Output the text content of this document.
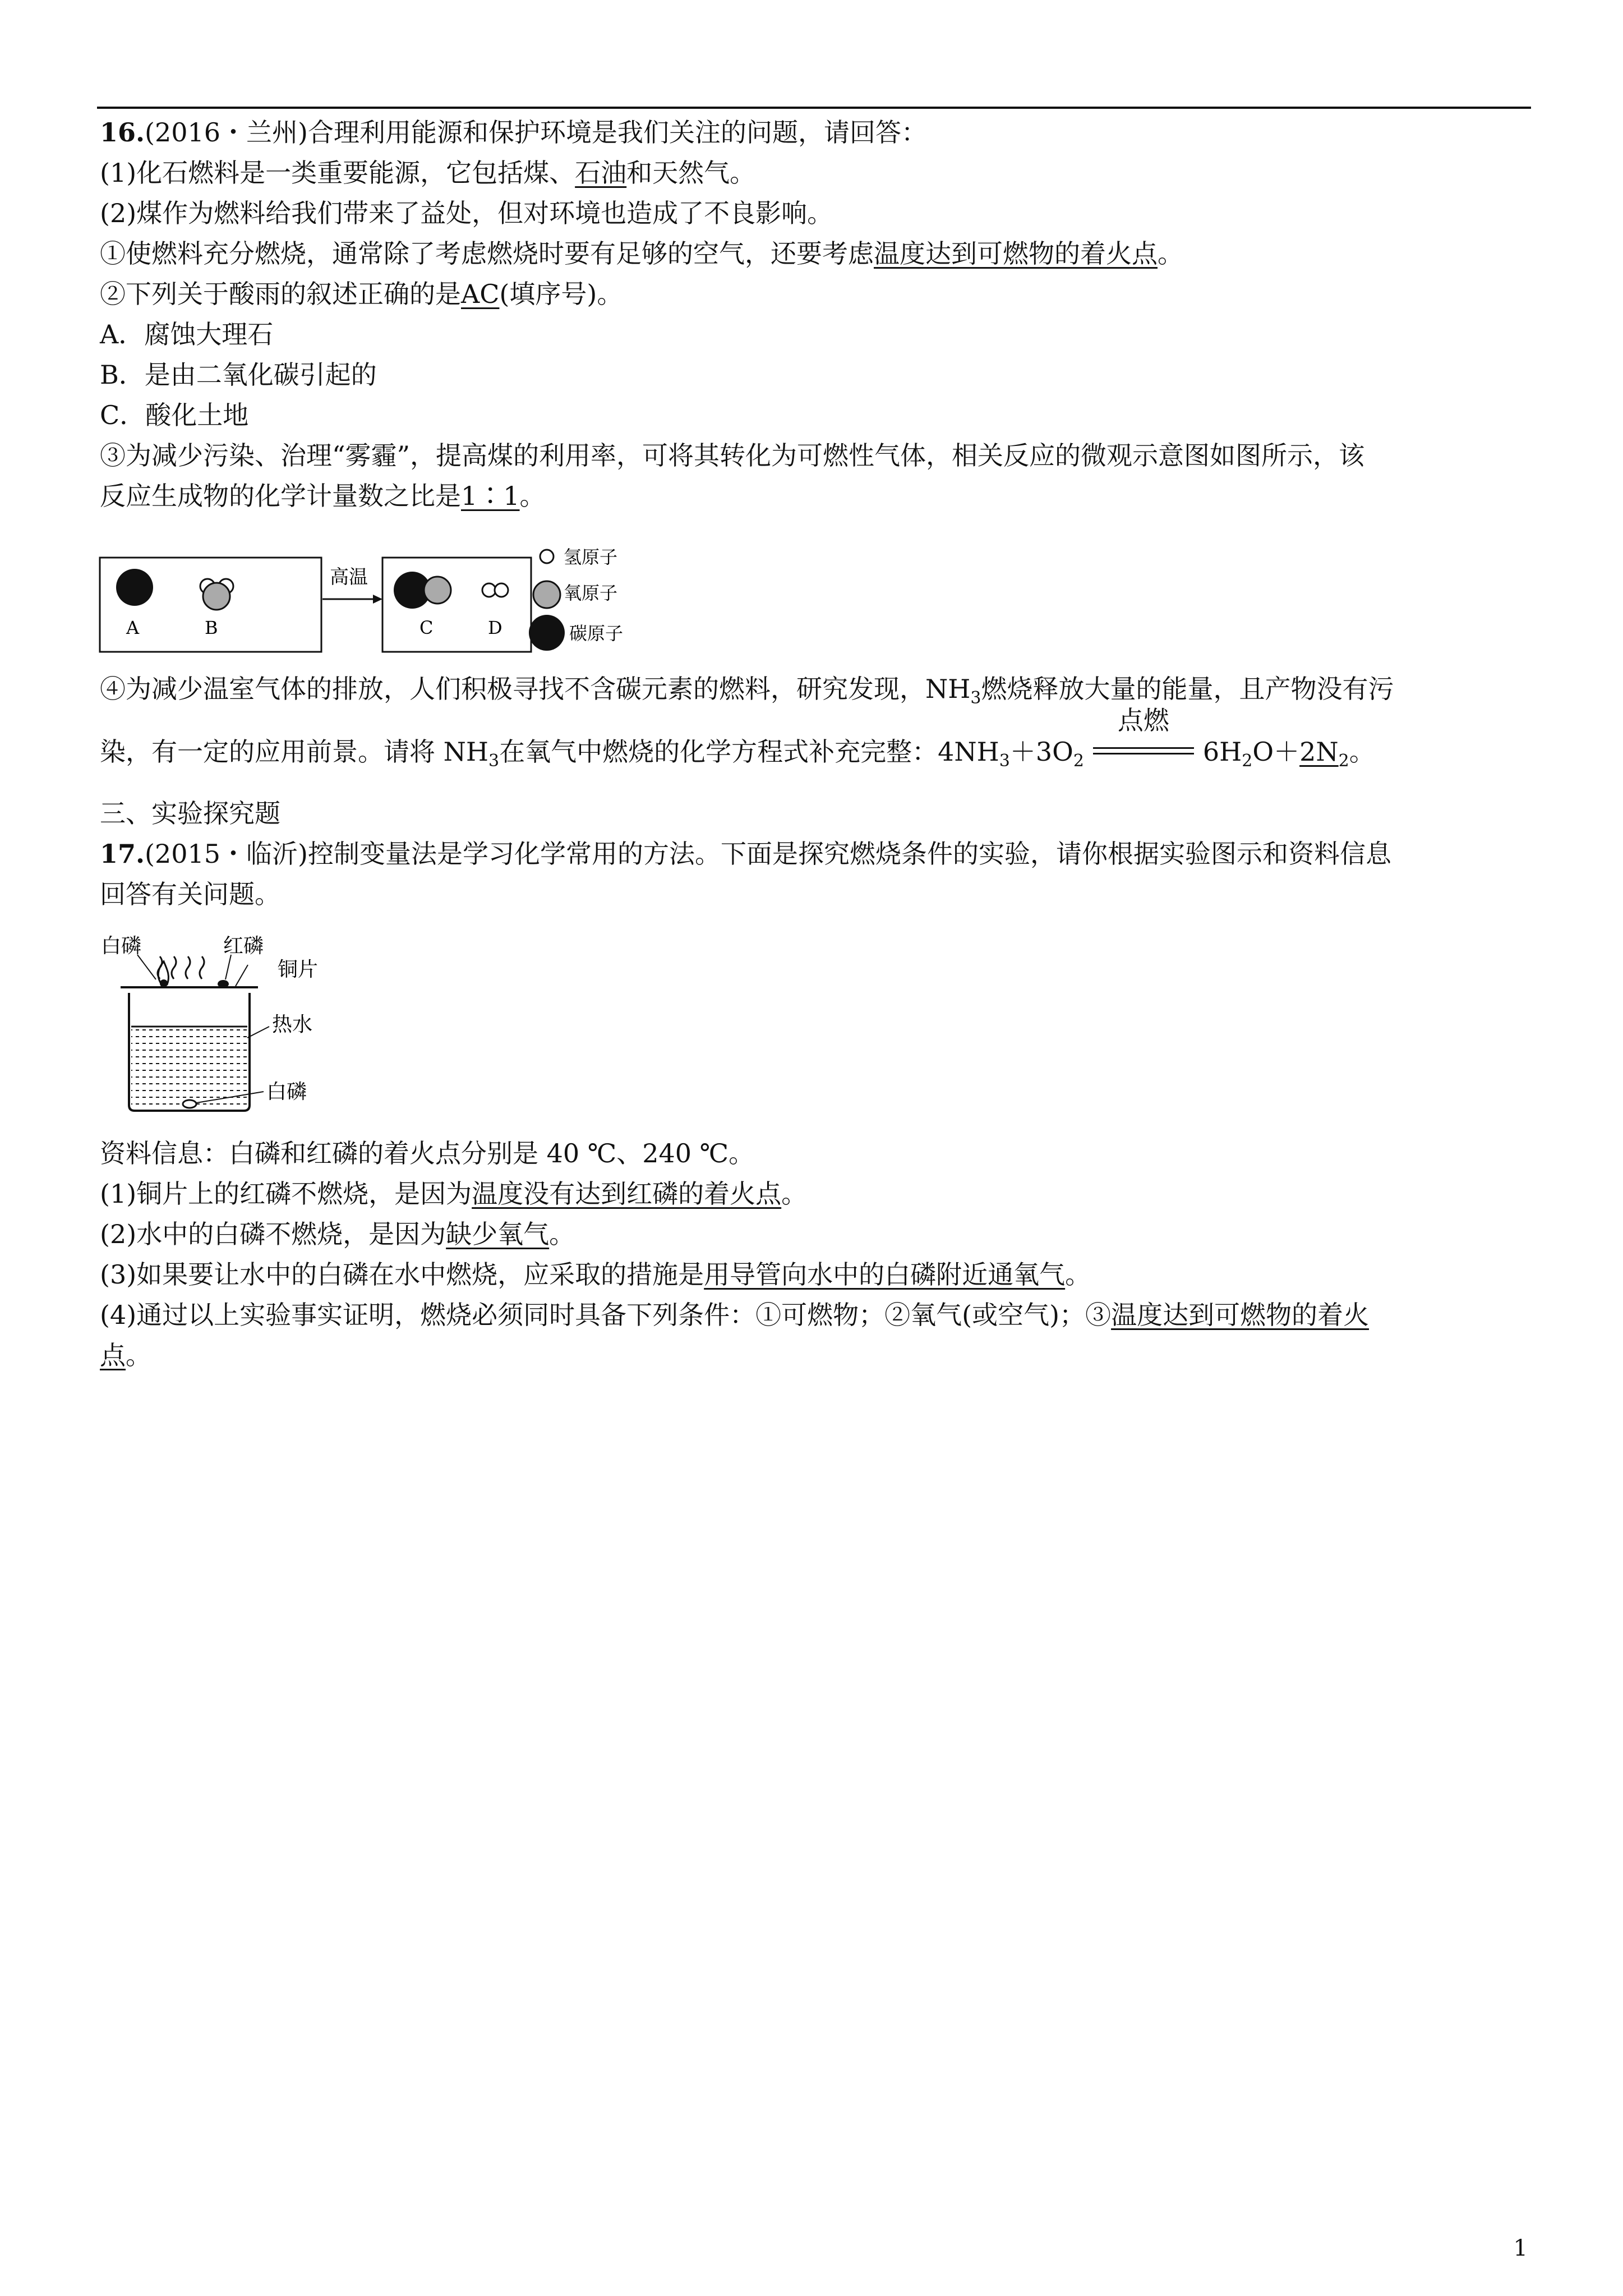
16.(2016・兰州)合理利用能源和保护环境是我们关注的问题，请回答：
(1)化石燃料是一类重要能源，它包括煤、石油和天然气。
(2)煤作为燃料给我们带来了益处，但对环境也造成了不良影响。
①使燃料充分燃烧，通常除了考虑燃烧时要有足够的空气，还要考虑温度达到可燃物的着火点。
②下列关于酸雨的叙述正确的是AC(填序号)。
A．腐蚀大理石
B．是由二氧化碳引起的
C．酸化土地
③为减少污染、治理“雾霾”，提高煤的利用率，可将其转化为可燃性气体，相关反应的微观示意图如图所示，该
反应生成物的化学计量数之比是1∶1。
A	B
高温
C	D
氢原子
氧原子
碳原子
④为减少温室气体的排放，人们积极寻找不含碳元素的燃料，研究发现，$NH_3$燃烧释放大量的能量，且产物没有污
染，有一定的应用前景。请将 $NH_3$在氧气中燃烧的化学方程式补充完整：$4NH_3+3O_2$
点燃
$6H_2O+2N_2$。
三、实验探究题
17.(2015・临沂)控制变量法是学习化学常用的方法。下面是探究燃烧条件的实验，请你根据实验图示和资料信息
回答有关问题。
白磷	红磷
铜片
热水
白磷
资料信息：白磷和红磷的着火点分别是 40 ℃、240 ℃。
(1)铜片上的红磷不燃烧，是因为温度没有达到红磷的着火点。
(2)水中的白磷不燃烧，是因为缺少氧气。
(3)如果要让水中的白磷在水中燃烧，应采取的措施是用导管向水中的白磷附近通氧气。
(4)通过以上实验事实证明，燃烧必须同时具备下列条件：①可燃物；②氧气(或空气)；③温度达到可燃物的着火
点。
1
